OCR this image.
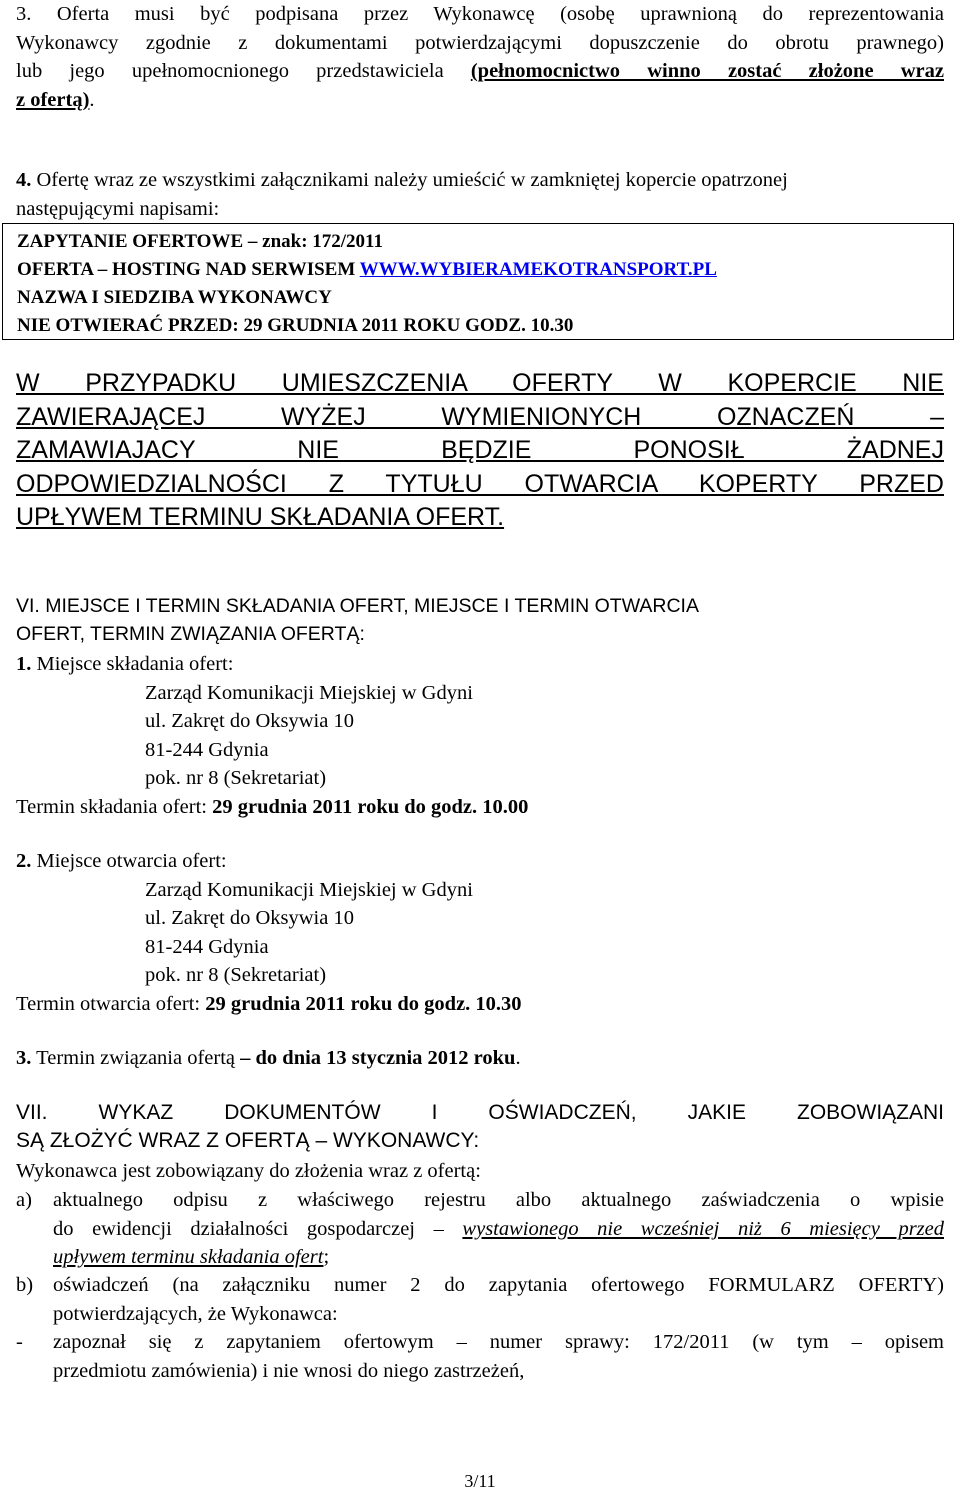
3. Oferta musi być podpisana przez Wykonawcę (osobę uprawnioną do reprezentowania
Wykonawcy zgodnie z dokumentami potwierdzającymi dopuszczenie do obrotu prawnego)
lub jego upełnomocnionego przedstawiciela (pełnomocnictwo winno zostać złożone wraz
z ofertą).
4. Ofertę wraz ze wszystkimi załącznikami należy umieścić w zamkniętej kopercie opatrzonej
następującymi napisami:
ZAPYTANIE OFERTOWE – znak: 172/2011
OFERTA – HOSTING NAD SERWISEM WWW.WYBIERAMEKOTRANSPORT.PL
NAZWA I SIEDZIBA WYKONAWCY
NIE OTWIERAĆ PRZED: 29 GRUDNIA 2011 ROKU GODZ. 10.30
W PRZYPADKU UMIESZCZENIA OFERTY W KOPERCIE NIE
ZAWIERAJĄCEJ WYŻEJ WYMIENIONYCH OZNACZEŃ –
ZAMAWIAJACY NIE BĘDZIE PONOSIŁ ŻADNEJ
ODPOWIEDZIALNOŚCI Z TYTUŁU OTWARCIA KOPERTY PRZED
UPŁYWEM TERMINU SKŁADANIA OFERT.
VI. MIEJSCE I TERMIN SKŁADANIA OFERT, MIEJSCE I TERMIN OTWARCIA
OFERT, TERMIN ZWIĄZANIA OFERTĄ:
1. Miejsce składania ofert:
Zarząd Komunikacji Miejskiej w Gdyni
ul. Zakręt do Oksywia 10
81-244 Gdynia
pok. nr 8 (Sekretariat)
Termin składania ofert: 29 grudnia 2011 roku do godz. 10.00
2. Miejsce otwarcia ofert:
Zarząd Komunikacji Miejskiej w Gdyni
ul. Zakręt do Oksywia 10
81-244 Gdynia
pok. nr 8 (Sekretariat)
Termin otwarcia ofert: 29 grudnia 2011 roku do godz. 10.30
3. Termin związania ofertą – do dnia 13 stycznia 2012 roku.
VII. WYKAZ DOKUMENTÓW I OŚWIADCZEŃ, JAKIE ZOBOWIĄZANI
SĄ ZŁOŻYĆ WRAZ Z OFERTĄ – WYKONAWCY:
Wykonawca jest zobowiązany do złożenia wraz z ofertą:
a) aktualnego odpisu z właściwego rejestru albo aktualnego zaświadczenia o wpisie
do ewidencji działalności gospodarczej – wystawionego nie wcześniej niż 6 miesięcy przed
upływem terminu składania ofert;
b) oświadczeń (na załączniku numer 2 do zapytania ofertowego FORMULARZ OFERTY)
potwierdzających, że Wykonawca:
- zapoznał się z zapytaniem ofertowym – numer sprawy: 172/2011 (w tym – opisem
przedmiotu zamówienia) i nie wnosi do niego zastrzeżeń,
3/11
